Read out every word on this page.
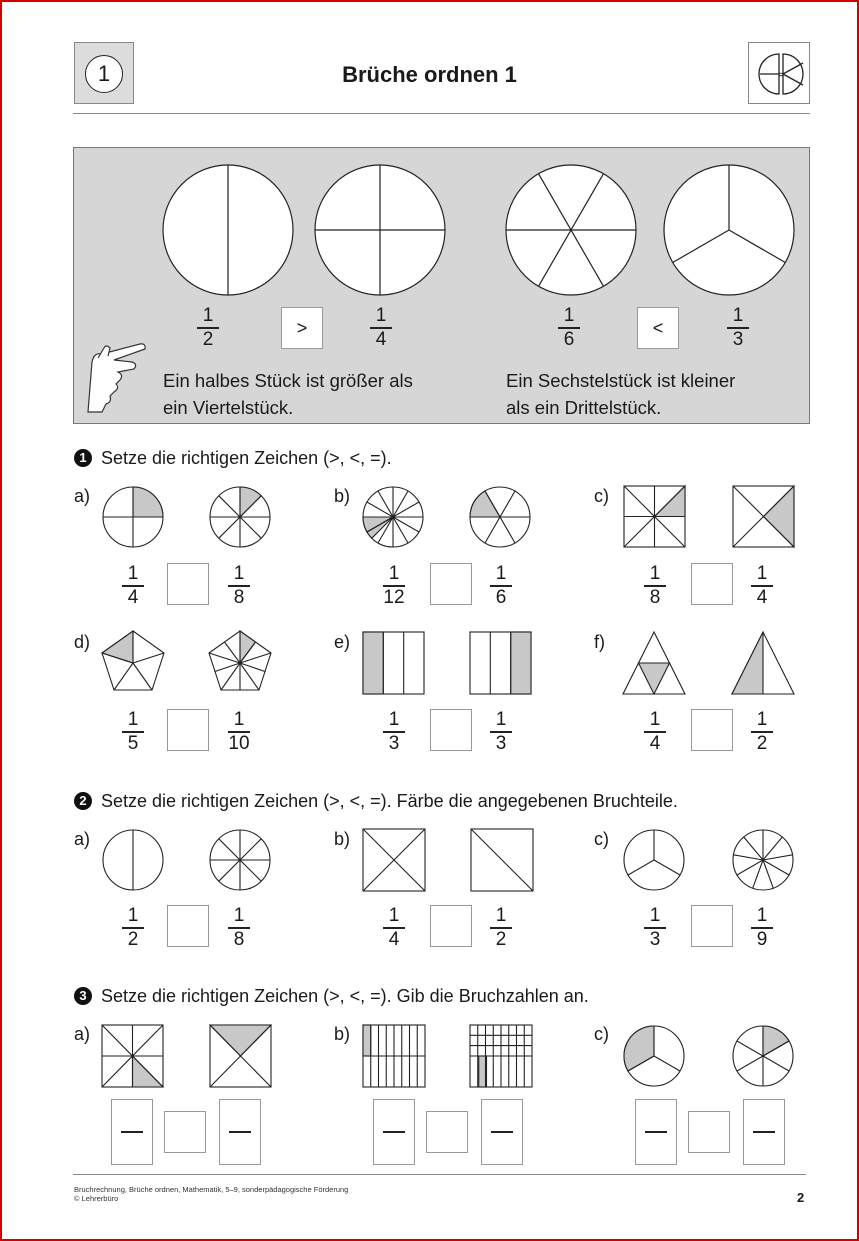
1	Brüche ordnen 1	=
1
2
>
1
4
1
6
<
1
3
Ein halbes Stück ist größer als
ein Viertelstück.
Ein Sechstelstück ist kleiner
als ein Drittelstück.
1 Setze die richtigen Zeichen (>, <, =).
a)	b)	c)
d)	e)	f)
1
4
1
8
1
12
1
6
1
8
1
4
1
5
1
10
1
3
1
3
1
4
1
2
2 Setze die richtigen Zeichen (>, <, =). Färbe die angegebenen Bruchteile.
a)	b)	c)
1
2
1
8
1
4
1
2
1
3
1
9
3 Setze die richtigen Zeichen (>, <, =). Gib die Bruchzahlen an.
a)	b)	c)
Bruchrechnung, Brüche ordnen, Mathematik, 5–9, sonderpädagogische Förderung
© Lehrerbüro	2
